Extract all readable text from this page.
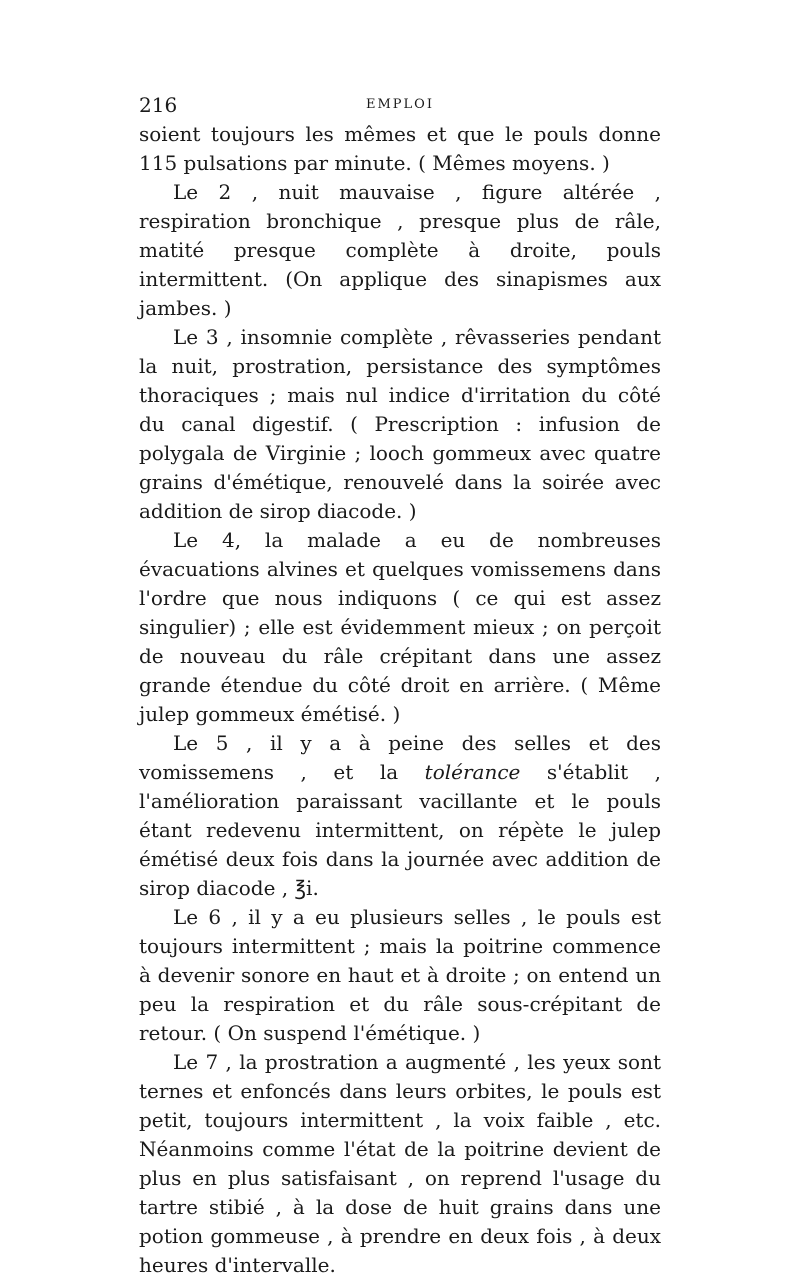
216	EMPLOI

soient toujours les mêmes et que le pouls donne 115 pulsations par minute. ( Mêmes moyens. )

Le 2 , nuit mauvaise , figure altérée , respiration bronchique , presque plus de râle, matité presque complète à droite, pouls intermittent. (On applique des sinapismes aux jambes. )

Le 3 , insomnie complète , rêvasseries pendant la nuit, prostration, persistance des symptômes thoraciques ; mais nul indice d'irritation du côté du canal digestif. ( Prescription : infusion de polygala de Virginie ; looch gommeux avec quatre grains d'émétique, renouvelé dans la soirée avec addition de sirop diacode. )

Le 4, la malade a eu de nombreuses évacuations alvines et quelques vomissemens dans l'ordre que nous indiquons ( ce qui est assez singulier) ; elle est évidemment mieux ; on perçoit de nouveau du râle crépitant dans une assez grande étendue du côté droit en arrière. ( Même julep gommeux émétisé. )

Le 5 , il y a à peine des selles et des vomissemens , et la tolérance s'établit , l'amélioration paraissant vacillante et le pouls étant redevenu intermittent, on répète le julep émétisé deux fois dans la journée avec addition de sirop diacode , ℥i.

Le 6 , il y a eu plusieurs selles , le pouls est toujours intermittent ; mais la poitrine commence à devenir sonore en haut et à droite ; on entend un peu la respiration et du râle sous-crépitant de retour. ( On suspend l'émétique. )

Le 7 , la prostration a augmenté , les yeux sont ternes et enfoncés dans leurs orbites, le pouls est petit, toujours intermittent , la voix faible , etc. Néanmoins comme l'état de la poitrine devient de plus en plus satisfaisant , on reprend l'usage du tartre stibié , à la dose de huit grains dans une potion gommeuse , à prendre en deux fois , à deux heures d'intervalle.
